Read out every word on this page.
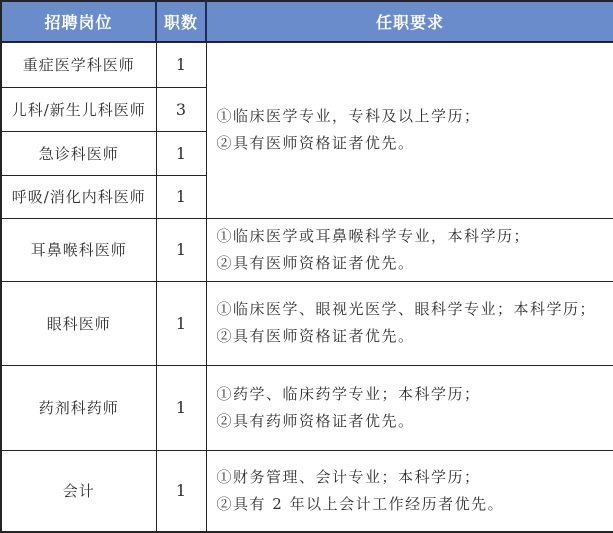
招聘岗位	职数	任职要求
重症医学科医师	1	①临床医学专业，专科及以上学历；
②具有医师资格证者优先。

儿科/新生儿科医师	3	
急诊科医师	1	
呼吸/消化内科医师	1	
耳鼻喉科医师	1	①临床医学或耳鼻喉科学专业，本科学历；
②具有医师资格证者优先。

眼科医师	1	①临床医学、眼视光医学、眼科学专业；本科学历；
②具有医师资格证者优先。

药剂科药师	1	①药学、临床药学专业；本科学历；
②具有药师资格证者优先。

会计	1	①财务管理、会计专业；本科学历；
②具有 2 年以上会计工作经历者优先。
